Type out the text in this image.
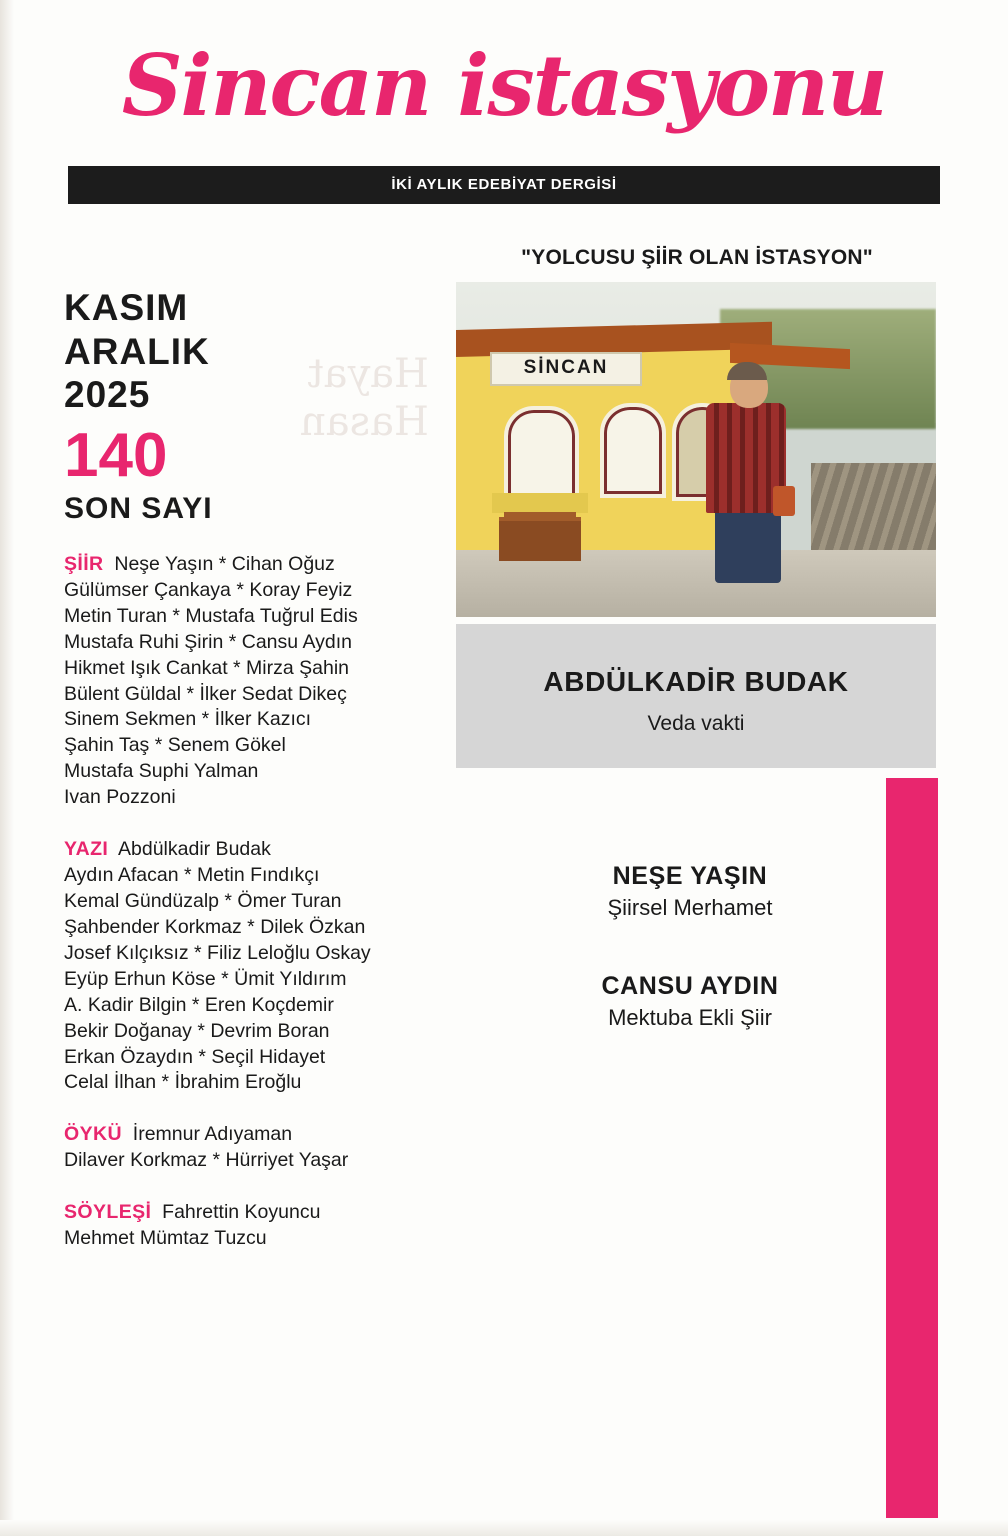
Hayat
Hasan
Sincan istasyonu
İKİ AYLIK EDEBİYAT DERGİSİ
KASIM
ARALIK
2025
140
SON SAYI
ŞİİR Neşe Yaşın * Cihan Oğuz
Gülümser Çankaya * Koray Feyiz
Metin Turan * Mustafa Tuğrul Edis
Mustafa Ruhi Şirin * Cansu Aydın
Hikmet Işık Cankat * Mirza Şahin
Bülent Güldal * İlker Sedat Dikeç
Sinem Sekmen * İlker Kazıcı
Şahin Taş * Senem Gökel
Mustafa Suphi Yalman
Ivan Pozzoni
YAZI Abdülkadir Budak
Aydın Afacan * Metin Fındıkçı
Kemal Gündüzalp * Ömer Turan
Şahbender Korkmaz * Dilek Özkan
Josef Kılçıksız * Filiz Leloğlu Oskay
Eyüp Erhun Köse * Ümit Yıldırım
A. Kadir Bilgin * Eren Koçdemir
Bekir Doğanay * Devrim Boran
Erkan Özaydın * Seçil Hidayet
Celal İlhan * İbrahim Eroğlu
ÖYKÜ İremnur Adıyaman
Dilaver Korkmaz * Hürriyet Yaşar
SÖYLEŞİ Fahrettin Koyuncu
Mehmet Mümtaz Tuzcu
"YOLCUSU ŞİİR OLAN İSTASYON"
SİNCAN
ABDÜLKADİR BUDAK
Veda vakti
NEŞE YAŞIN
Şiirsel Merhamet
CANSU AYDIN
Mektuba Ekli Şiir
